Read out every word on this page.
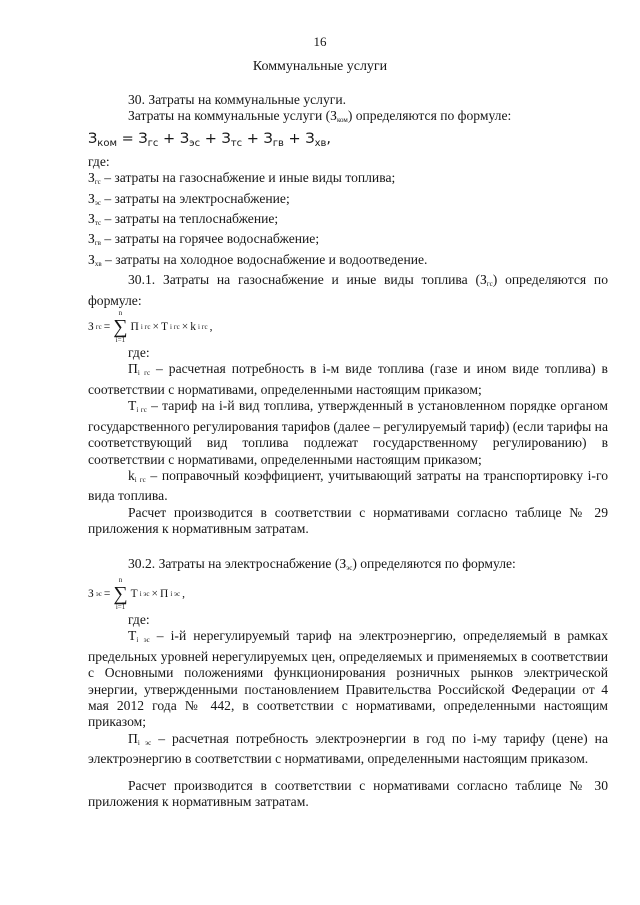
16
Коммунальные услуги

30. Затраты на коммунальные услуги.

Затраты на коммунальные услуги $(З_{ком})$ определяются по формуле:

$З_{ком} = З_{гс} + З_{эс} + З_{тс} + З_{гв} + З_{хв}$,

где:

$З_{гс}$ – затраты на газоснабжение и иные виды топлива;

$З_{эс}$ – затраты на электроснабжение;

$З_{тс}$ – затраты на теплоснабжение;

$З_{гв}$ – затраты на горячее водоснабжение;

$З_{хв}$ – затраты на холодное водоснабжение и водоотведение.

30.1. Затраты на газоснабжение и иные виды топлива $(З_{гс})$ определяются по формуле:

З гс =
n
∑
i=1
П i гс × Т i гс × k i гс ,

где:

$П_{i гс}$ – расчетная потребность в i-м виде топлива (газе и ином виде топлива) в соответствии с нормативами, определенными настоящим приказом;

$Т_{i гс}$ – тариф на i-й вид топлива, утвержденный в установленном порядке органом государственного регулирования тарифов (далее – регулируемый тариф) (если тарифы на соответствующий вид топлива подлежат государственному регулированию) в соответствии с нормативами, определенными настоящим приказом;

$k_{i гс}$ – поправочный коэффициент, учитывающий затраты на транспортировку i-го вида топлива.

Расчет производится в соответствии с нормативами согласно таблице № 29 приложения к нормативным затратам.

30.2. Затраты на электроснабжение $(З_{эс})$ определяются по формуле:

З эс =
n
∑
i=1
Т i эс × П i эс ,

где:

$Т_{i эс} - i-й$ нерегулируемый тариф на электроэнергию, определяемый в рамках предельных уровней нерегулируемых цен, определяемых и применяемых в соответствии с Основными положениями функционирования розничных рынков электрической энергии, утвержденными постановлением Правительства Российской Федерации от 4 мая 2012 года № 442, в соответствии с нормативами, определенными настоящим приказом;

$П_{i эс}$ – расчетная потребность электроэнергии в год по i-му тарифу (цене) на электроэнергию в соответствии с нормативами, определенными настоящим приказом.

Расчет производится в соответствии с нормативами согласно таблице № 30 приложения к нормативным затратам.
